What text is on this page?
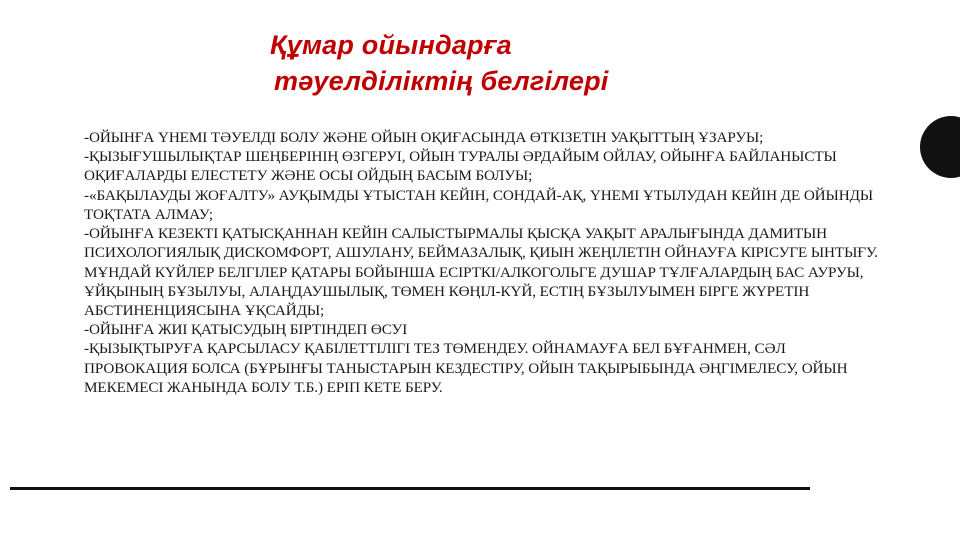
Құмар ойындарға
тәуелділіктің белгілері

-ОЙЫНҒА ҮНЕМІ ТӘУЕЛДІ БОЛУ ЖӘНЕ ОЙЫН ОҚИҒАСЫНДА ӨТКІЗЕТІН УАҚЫТТЫҢ ҰЗАРУЫ;

-ҚЫЗЫҒУШЫЛЫҚТАР ШЕҢБЕРІНІҢ ӨЗГЕРУІ, ОЙЫН ТУРАЛЫ ӘРДАЙЫМ ОЙЛАУ, ОЙЫНҒА БАЙЛАНЫСТЫ ОҚИҒАЛАРДЫ ЕЛЕСТЕТУ ЖӘНЕ ОСЫ ОЙДЫҢ БАСЫМ БОЛУЫ;

-«БАҚЫЛАУДЫ ЖОҒАЛТУ» АУҚЫМДЫ ҰТЫСТАН КЕЙІН, СОНДАЙ-АҚ, ҮНЕМІ ҰТЫЛУДАН КЕЙІН ДЕ ОЙЫНДЫ ТОҚТАТА АЛМАУ;

-ОЙЫНҒА КЕЗЕКТІ ҚАТЫСҚАННАН КЕЙІН САЛЫСТЫРМАЛЫ ҚЫСҚА УАҚЫТ АРАЛЫҒЫНДА ДАМИТЫН ПСИХОЛОГИЯЛЫҚ ДИСКОМФОРТ, АШУЛАНУ, БЕЙМАЗАЛЫҚ, ҚИЫН ЖЕҢІЛЕТІН ОЙНАУҒА КІРІСУГЕ ЫНТЫҒУ. МҰНДАЙ КҮЙЛЕР БЕЛГІЛЕР ҚАТАРЫ БОЙЫНША ЕСІРТКІ/АЛКОГОЛЬГЕ ДУШАР ТҰЛҒАЛАРДЫҢ БАС АУРУЫ, ҰЙҚЫНЫҢ БҰЗЫЛУЫ, АЛАҢДАУШЫЛЫҚ, ТӨМЕН КӨҢІЛ-КҮЙ, ЕСТІҢ БҰЗЫЛУЫМЕН БІРГЕ ЖҮРЕТІН АБСТИНЕНЦИЯСЫНА ҰҚСАЙДЫ;

-ОЙЫНҒА ЖИІ ҚАТЫСУДЫҢ БІРТІНДЕП ӨСУІ

-ҚЫЗЫҚТЫРУҒА ҚАРСЫЛАСУ ҚАБІЛЕТТІЛІГІ ТЕЗ ТӨМЕНДЕУ. ОЙНАМАУҒА БЕЛ БҰҒАНМЕН, СӘЛ ПРОВОКАЦИЯ БОЛСА (БҰРЫНҒЫ ТАНЫСТАРЫН КЕЗДЕСТІРУ, ОЙЫН ТАҚЫРЫБЫНДА ӘҢГІМЕЛЕСУ, ОЙЫН МЕКЕМЕСІ ЖАНЫНДА БОЛУ Т.Б.) ЕРІП КЕТЕ БЕРУ.
